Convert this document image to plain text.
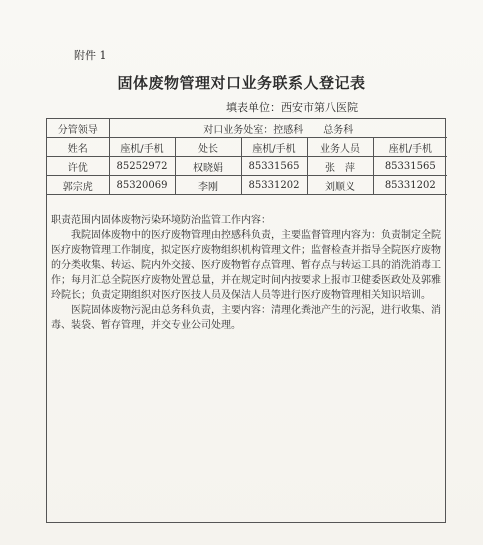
附件 1
固体废物管理对口业务联系人登记表
填表单位：西安市第八医院
分管领导	对口业务处室：控感科　　总务科				
姓名	座机/手机	处长	座机/手机	业务人员	座机/手机
许优	85252972	权晓娟	85331565	张　萍	85331565
郭宗虎	85320069	李刚	85331202	刘顺义	85331202

职责范围内固体废物污染环境防治监管工作内容：

我院固体废物中的医疗废物管理由控感科负责，主要监督管理内容为：负责制定全院医疗废物管理工作制度，拟定医疗废物组织机构管理文件；监督检查并指导全院医疗废物的分类收集、转运、院内外交接、医疗废物暂存点管理、暂存点与转运工具的消洗消毒工作；每月汇总全院医疗废物处置总量，并在规定时间内按要求上报市卫健委医政处及郭雅玲院长；负责定期组织对医疗医技人员及保洁人员等进行医疗废物管理相关知识培训。

医院固体废物污泥由总务科负责，主要内容：清理化粪池产生的污泥，进行收集、消毒、装袋、暂存管理，并交专业公司处理。
